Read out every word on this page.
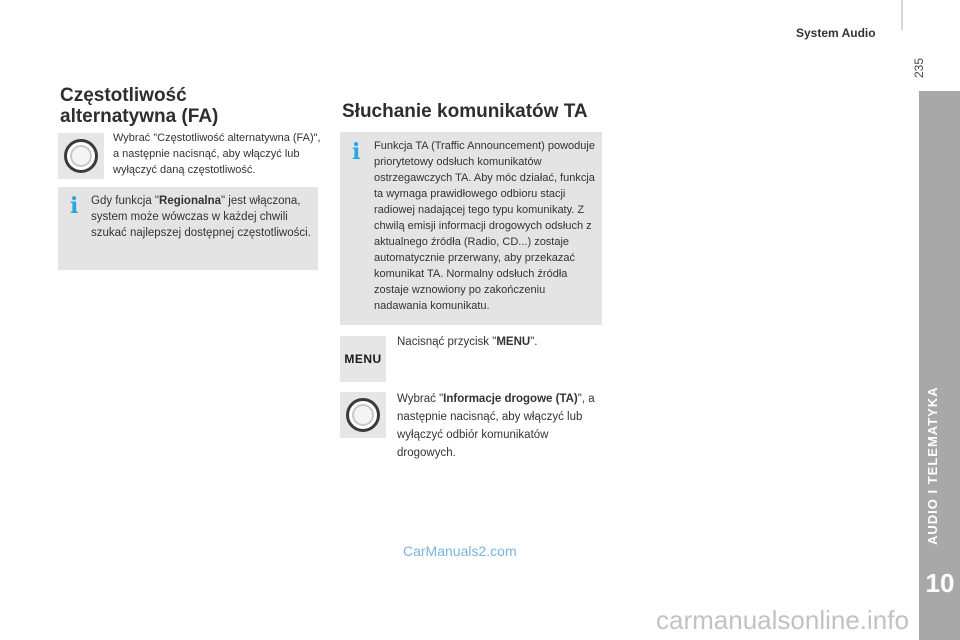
System Audio
235
AUDIO I TELEMATYKA
10
Częstotliwość alternatywna (FA)
Wybrać "Częstotliwość alternatywna (FA)", a następnie nacisnąć, aby włączyć lub wyłączyć daną częstotliwość.
i Gdy funkcja "Regionalna" jest włączona, system może wówczas w każdej chwili szukać najlepszej dostępnej częstotliwości.
Słuchanie komunikatów TA
i Funkcja TA (Traffic Announcement) powoduje priorytetowy odsłuch komunikatów ostrzegawczych TA. Aby móc działać, funkcja ta wymaga prawidłowego odbioru stacji radiowej nadającej tego typu komunikaty. Z chwilą emisji informacji drogowych odsłuch z aktualnego źródła (Radio, CD...) zostaje automatycznie przerwany, aby przekazać komunikat TA. Normalny odsłuch źródła zostaje wznowiony po zakończeniu nadawania komunikatu.
MENU
Nacisnąć przycisk "MENU".
Wybrać "Informacje drogowe (TA)", a następnie nacisnąć, aby włączyć lub wyłączyć odbiór komunikatów drogowych.
CarManuals2.com
carmanualsonline.info
